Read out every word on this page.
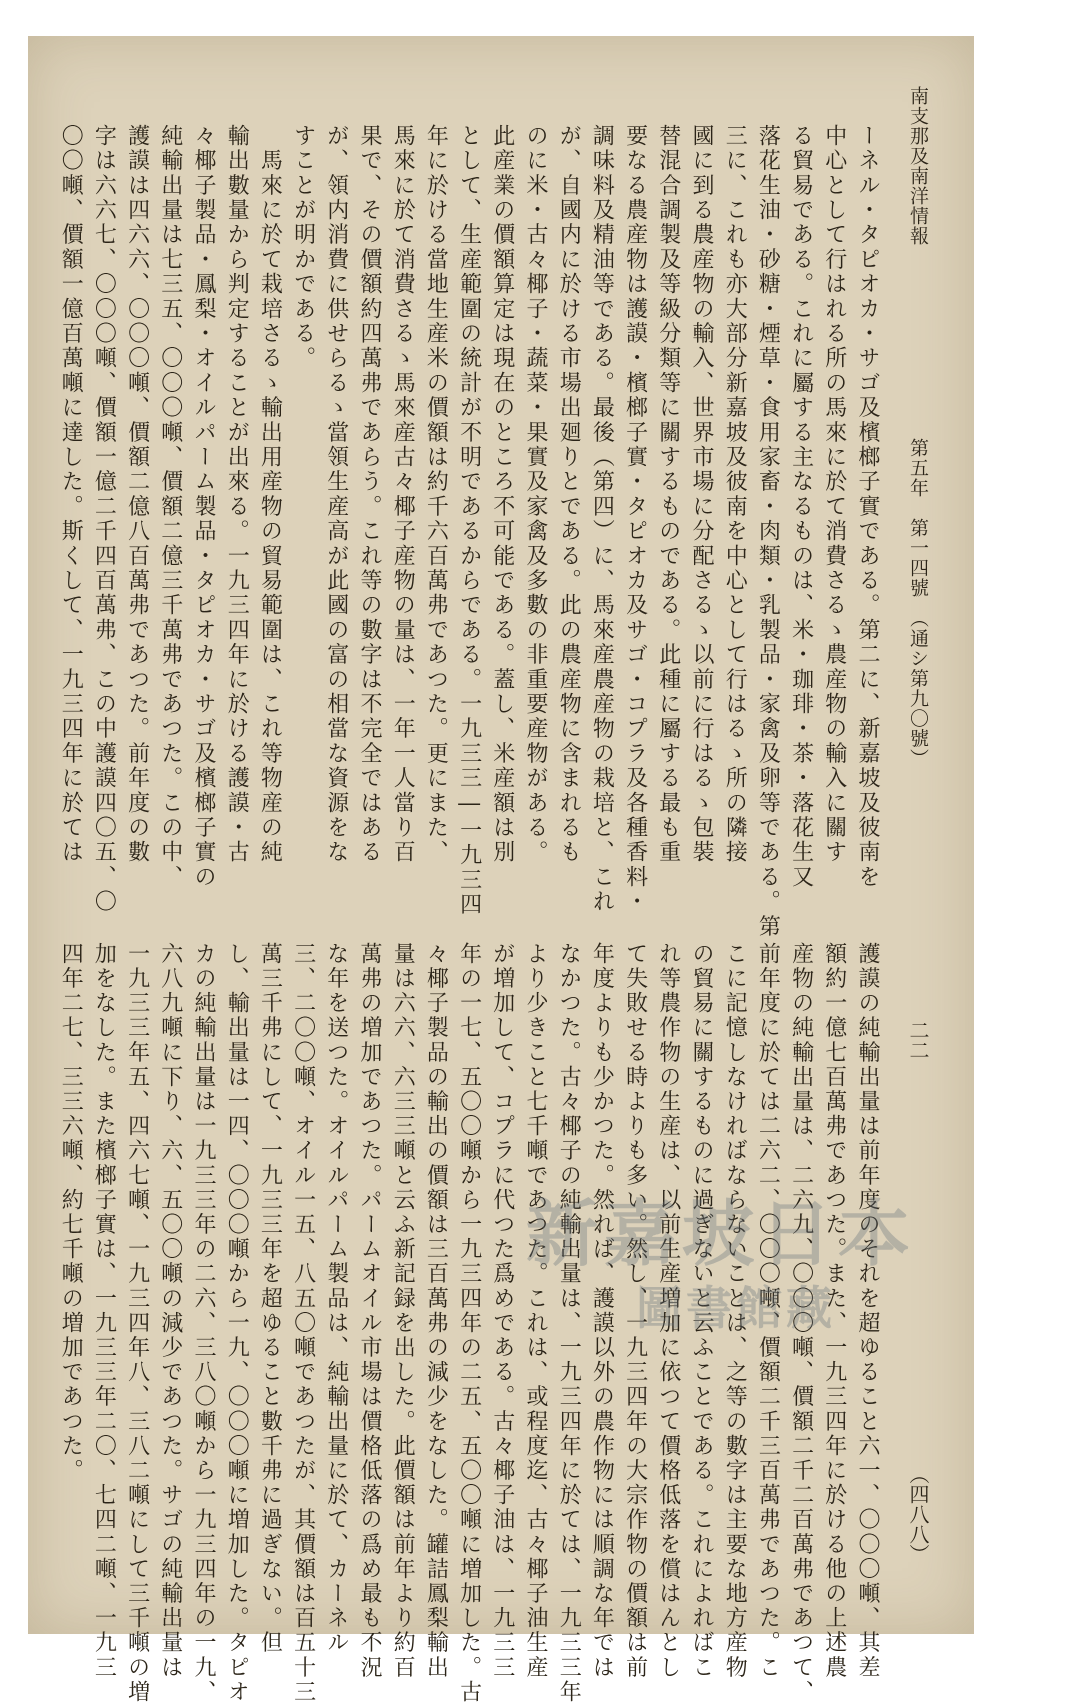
南支那及南洋情報
第五年　第一四號　（通シ第九〇號）
二二
（四八八）
ーネル・タピオカ・サゴ及檳榔子實である。第二に、新嘉坡及彼南を
中心として行はれる所の馬來に於て消費さるゝ農産物の輸入に關す
る貿易である。これに屬する主なるものは、米・珈琲・茶・落花生又
落花生油・砂糖・煙草・食用家畜・肉類・乳製品・家禽及卵等である。第
三に、これも亦大部分新嘉坡及彼南を中心として行はるゝ所の隣接
國に到る農産物の輸入、世界市場に分配さるゝ以前に行はるゝ包裝
替混合調製及等級分類等に關するものである。此種に屬する最も重
要なる農産物は護謨・檳榔子實・タピオカ及サゴ・コプラ及各種香料・
調味料及精油等である。最後（第四）に、馬來産農産物の栽培と、これ
が、自國内に於ける市場出廻りとである。此の農産物に含まれるも
のに米・古々椰子・蔬菜・果實及家禽及多數の非重要産物がある。
此産業の價額算定は現在のところ不可能である。蓋し、米産額は別
として、生産範圍の統計が不明であるからである。一九三三―一九三四
年に於ける當地生産米の價額は約千六百萬弗であつた。更にまた、
馬來に於て消費さるゝ馬來産古々椰子産物の量は、一年一人當り百
果で、その價額約四萬弗であらう。これ等の數字は不完全ではある
が、領内消費に供せらるゝ當領生産高が此國の富の相當な資源をな
すことが明かである。
　馬來に於て栽培さるゝ輸出用産物の貿易範圍は、これ等物産の純
輸出數量から判定することが出來る。一九三四年に於ける護謨・古
々椰子製品・鳳梨・オイルパーム製品・タピオカ・サゴ及檳榔子實の
純輸出量は七三五、〇〇〇噸、價額二億三千萬弗であつた。この中、
護謨は四六六、〇〇〇噸、價額二億八百萬弗であつた。前年度の數
字は六六七、〇〇〇噸、價額一億二千四百萬弗、この中護謨四〇五、〇
〇〇噸、價額一億百萬噸に達した。斯くして、一九三四年に於ては
護謨の純輸出量は前年度のそれを超ゆること六一、〇〇〇噸、其差
額約一億七百萬弗であつた。また、一九三四年に於ける他の上述農
産物の純輸出量は、二六九、〇〇〇噸、價額二千二百萬弗であつて、
前年度に於ては二六二、〇〇〇噸、價額二千三百萬弗であつた。こ
こに記憶しなければならないことは、之等の數字は主要な地方産物
の貿易に關するものに過ぎないと云ふことである。これによればこ
れ等農作物の生産は、以前生産増加に依つて價格低落を償はんとし
て失敗せる時よりも多い。然し、一九三四年の大宗作物の價額は前
年度よりも少かつた。然れば、護謨以外の農作物には順調な年では
なかつた。古々椰子の純輸出量は、一九三四年に於ては、一九三三年
より少きこと七千噸であつた。これは、或程度迄、古々椰子油生産
が増加して、コプラに代つた爲めである。古々椰子油は、一九三三
年の一七、五〇〇噸から一九三四年の二五、五〇〇噸に増加した。古
々椰子製品の輸出の價額は三百萬弗の減少をなした。罐詰鳳梨輸出
量は六六、六三三噸と云ふ新記録を出した。此價額は前年より約百
萬弗の増加であつた。パームオイル市場は價格低落の爲め最も不況
な年を送つた。オイルパーム製品は、純輸出量に於て、カーネル
三、二〇〇噸、オイル一五、八五〇噸であつたが、其價額は百五十三
萬三千弗にして、一九三三年を超ゆること數千弗に過ぎない。但
し、輸出量は一四、〇〇〇噸から一九、〇〇〇噸に増加した。タピオ
カの純輸出量は一九三三年の二六、三八〇噸から一九三四年の一九、
六八九噸に下り、六、五〇〇噸の減少であつた。サゴの純輸出量は
一九三三年五、四六七噸、一九三四年八、三八二噸にして三千噸の増
加をなした。また檳榔子實は、一九三三年二〇、七四二噸、一九三
四年二七、三三六噸、約七千噸の増加であつた。	新嘉坡日本
圖書館藏
